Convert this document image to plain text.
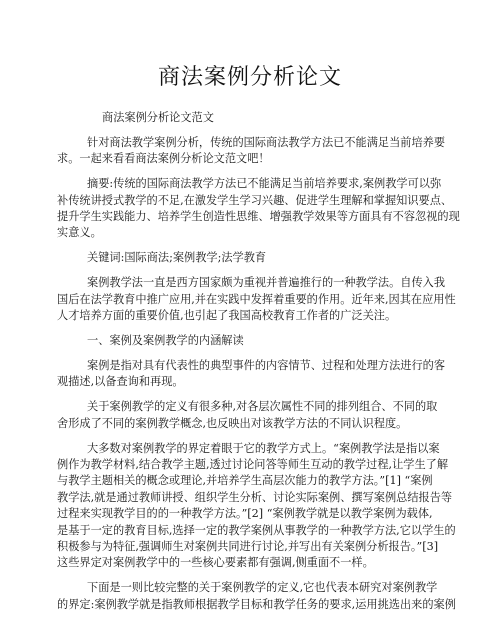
商法案例分析论文

商法案例分析论文范文

针对商法教学案例分析，传统的国际商法教学方法已不能满足当前培养要
求。一起来看看商法案例分析论文范文吧！

摘要:传统的国际商法教学方法已不能满足当前培养要求,案例教学可以弥
补传统讲授式教学的不足,在激发学生学习兴趣、促进学生理解和掌握知识要点、
提升学生实践能力、培养学生创造性思维、增强教学效果等方面具有不容忽视的现
实意义。

关键词:国际商法;案例教学;法学教育

案例教学法一直是西方国家颇为重视并普遍推行的一种教学法。自传入我
国后在法学教育中推广应用,并在实践中发挥着重要的作用。近年来,因其在应用性
人才培养方面的重要价值,也引起了我国高校教育工作者的广泛关注。

一、案例及案例教学的内涵解读

案例是指对具有代表性的典型事件的内容情节、过程和处理方法进行的客
观描述,以备查询和再现。

关于案例教学的定义有很多种,对各层次属性不同的排列组合、不同的取
舍形成了不同的案例教学概念,也反映出对该教学方法的不同认识程度。

大多数对案例教学的界定着眼于它的教学方式上。“案例教学法是指以案
例作为教学材料,结合教学主题,透过讨论问答等师生互动的教学过程,让学生了解
与教学主题相关的概念或理论,并培养学生高层次能力的教学方法。”[1] “案例
教学法,就是通过教师讲授、组织学生分析、讨论实际案例、撰写案例总结报告等
过程来实现教学目的的一种教学方法。”[2] “案例教学就是以教学案例为载体,
是基于一定的教育目标,选择一定的教学案例从事教学的一种教学方法,它以学生的
积极参与为特征,强调师生对案例共同进行讨论,并写出有关案例分析报告。”[3]
这些界定对案例教学中的一些核心要素都有强调,侧重面不一样。

下面是一则比较完整的关于案例教学的定义,它也代表本研究对案例教学
的界定:案例教学就是指教师根据教学目标和教学任务的要求,运用挑选出来的案例
